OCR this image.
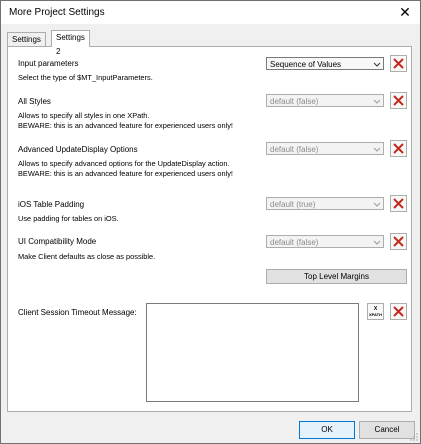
More Project Settings	✕
Settings	Settings 2
Input parameters
Select the type of $MT_InputParameters.
Sequence of Values
All Styles
Allows to specify all styles in one XPath.
BEWARE: this is an advanced feature for experienced users only!
default (false)
Advanced UpdateDisplay Options
Allows to specify advanced options for the UpdateDisplay action.
BEWARE: this is an advanced feature for experienced users only!
default (false)
iOS Table Padding
Use padding for tables on iOS.
default (true)
UI Compatibility Mode
Make Client defaults as close as possible.
default (false)
Top Level Margins
Client Session Timeout Message:	X
XPATH
OK	Cancel
